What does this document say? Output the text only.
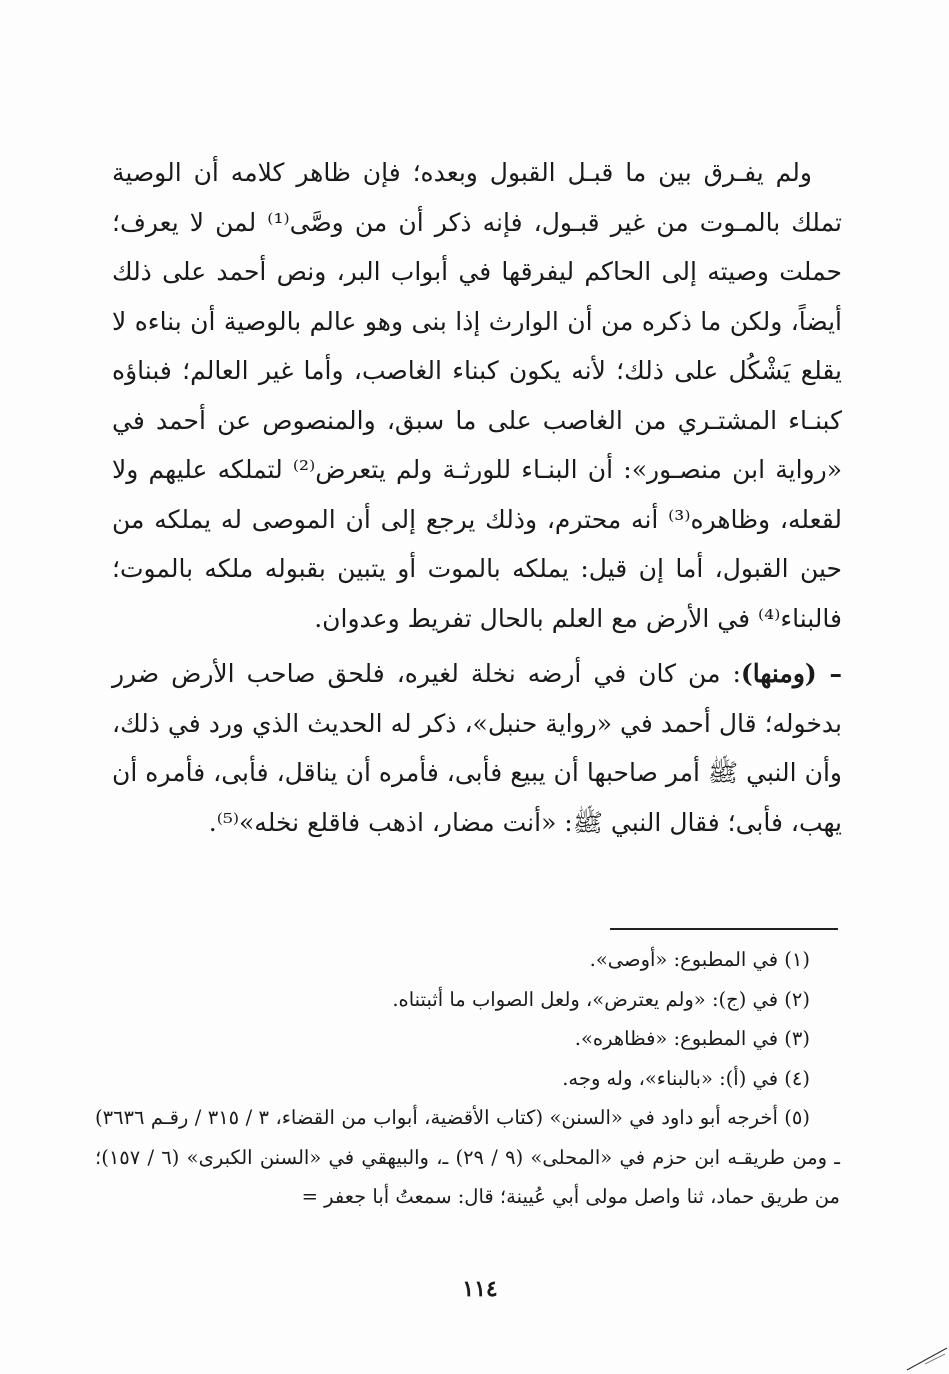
ولم يفـرق بين ما قبـل القبول وبعده؛ فإن ظاهر كلامه أن الوصية تملك بالمـوت من غير قبـول، فإنه ذكر أن من وصَّى⁽¹⁾ لمن لا يعرف؛ حملت وصيته إلى الحاكم ليفرقها في أبواب البر، ونص أحمد على ذلك أيضاً، ولكن ما ذكره من أن الوارث إذا بنى وهو عالم بالوصية أن بناءه لا يقلع يَشْكُل على ذلك؛ لأنه يكون كبناء الغاصب، وأما غير العالم؛ فبناؤه كبنـاء المشتـري من الغاصب على ما سبق، والمنصوص عن أحمد في «رواية ابن منصـور»: أن البنـاء للورثـة ولم يتعرض⁽²⁾ لتملكه عليهم ولا لقعله، وظاهره⁽³⁾ أنه محترم، وذلك يرجع إلى أن الموصى له يملكه من حين القبول، أما إن قيل: يملكه بالموت أو يتبين بقبوله ملكه بالموت؛ فالبناء⁽⁴⁾ في الأرض مع العلم بالحال تفريط وعدوان.

– (ومنها): من كان في أرضه نخلة لغيره، فلحق صاحب الأرض ضرر بدخوله؛ قال أحمد في «رواية حنبل»، ذكر له الحديث الذي ورد في ذلك، وأن النبي ﷺ أمر صاحبها أن يبيع فأبى، فأمره أن يناقل، فأبى، فأمره أن يهب، فأبى؛ فقال النبي ﷺ: «أنت مضار، اذهب فاقلع نخله»⁽⁵⁾.

(١) في المطبوع: «أوصى».

(٢) في (ج): «ولم يعترض»، ولعل الصواب ما أثبتناه.

(٣) في المطبوع: «فظاهره».

(٤) في (أ): «بالبناء»، وله وجه.

(٥) أخرجه أبو داود في «السنن» (كتاب الأقضية، أبواب من القضاء، ٣ / ٣١٥ / رقـم ٣٦٣٦) ـ ومن طريقـه ابن حزم في «المحلى» (٩ / ٢٩) ـ، والبيهقي في «السنن الكبرى» (٦ / ١٥٧)؛ من طريق حماد، ثنا واصل مولى أبي عُيينة؛ قال: سمعتُ أبا جعفر =

١١٤
